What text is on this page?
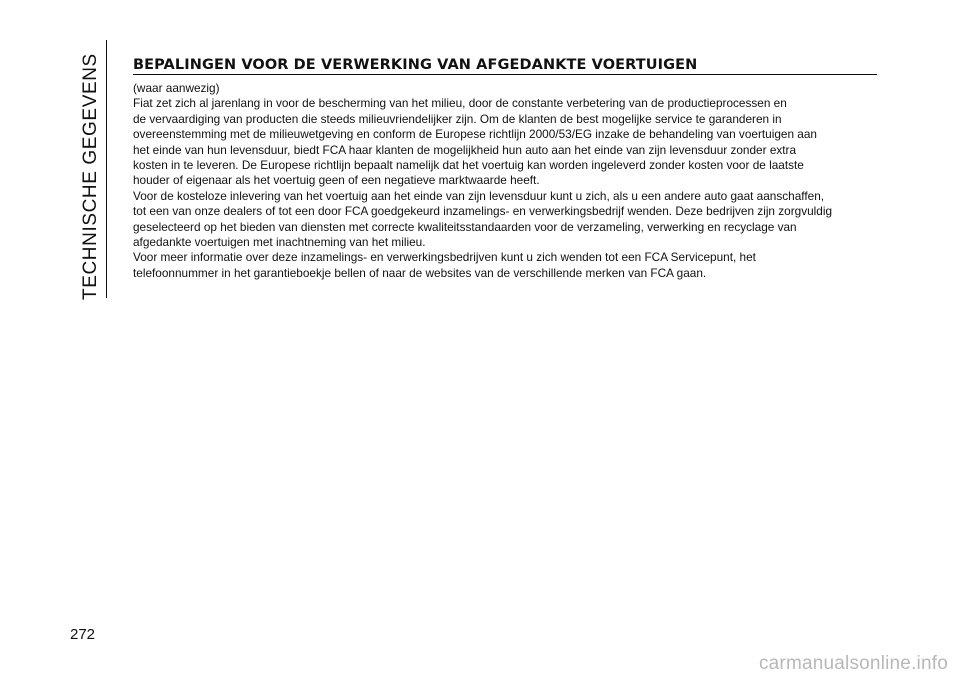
TECHNISCHE GEGEVENS BEPALINGEN VOOR DE VERWERKING VAN AFGEDANKTE VOERTUIGEN
(waar aanwezig)
Fiat zet zich al jarenlang in voor de bescherming van het milieu, door de constante verbetering van de productieprocessen en
de vervaardiging van producten die steeds milieuvriendelijker zijn. Om de klanten de best mogelijke service te garanderen in
overeenstemming met de milieuwetgeving en conform de Europese richtlijn 2000/53/EG inzake de behandeling van voertuigen aan
het einde van hun levensduur, biedt FCA haar klanten de mogelijkheid hun auto aan het einde van zijn levensduur zonder extra
kosten in te leveren. De Europese richtlijn bepaalt namelijk dat het voertuig kan worden ingeleverd zonder kosten voor de laatste
houder of eigenaar als het voertuig geen of een negatieve marktwaarde heeft.
Voor de kosteloze inlevering van het voertuig aan het einde van zijn levensduur kunt u zich, als u een andere auto gaat aanschaffen,
tot een van onze dealers of tot een door FCA goedgekeurd inzamelings- en verwerkingsbedrijf wenden. Deze bedrijven zijn zorgvuldig
geselecteerd op het bieden van diensten met correcte kwaliteitsstandaarden voor de verzameling, verwerking en recyclage van
afgedankte voertuigen met inachtneming van het milieu.
Voor meer informatie over deze inzamelings- en verwerkingsbedrijven kunt u zich wenden tot een FCA Servicepunt, het
telefoonnummer in het garantieboekje bellen of naar de websites van de verschillende merken van FCA gaan.
272
carmanualsonline.info
